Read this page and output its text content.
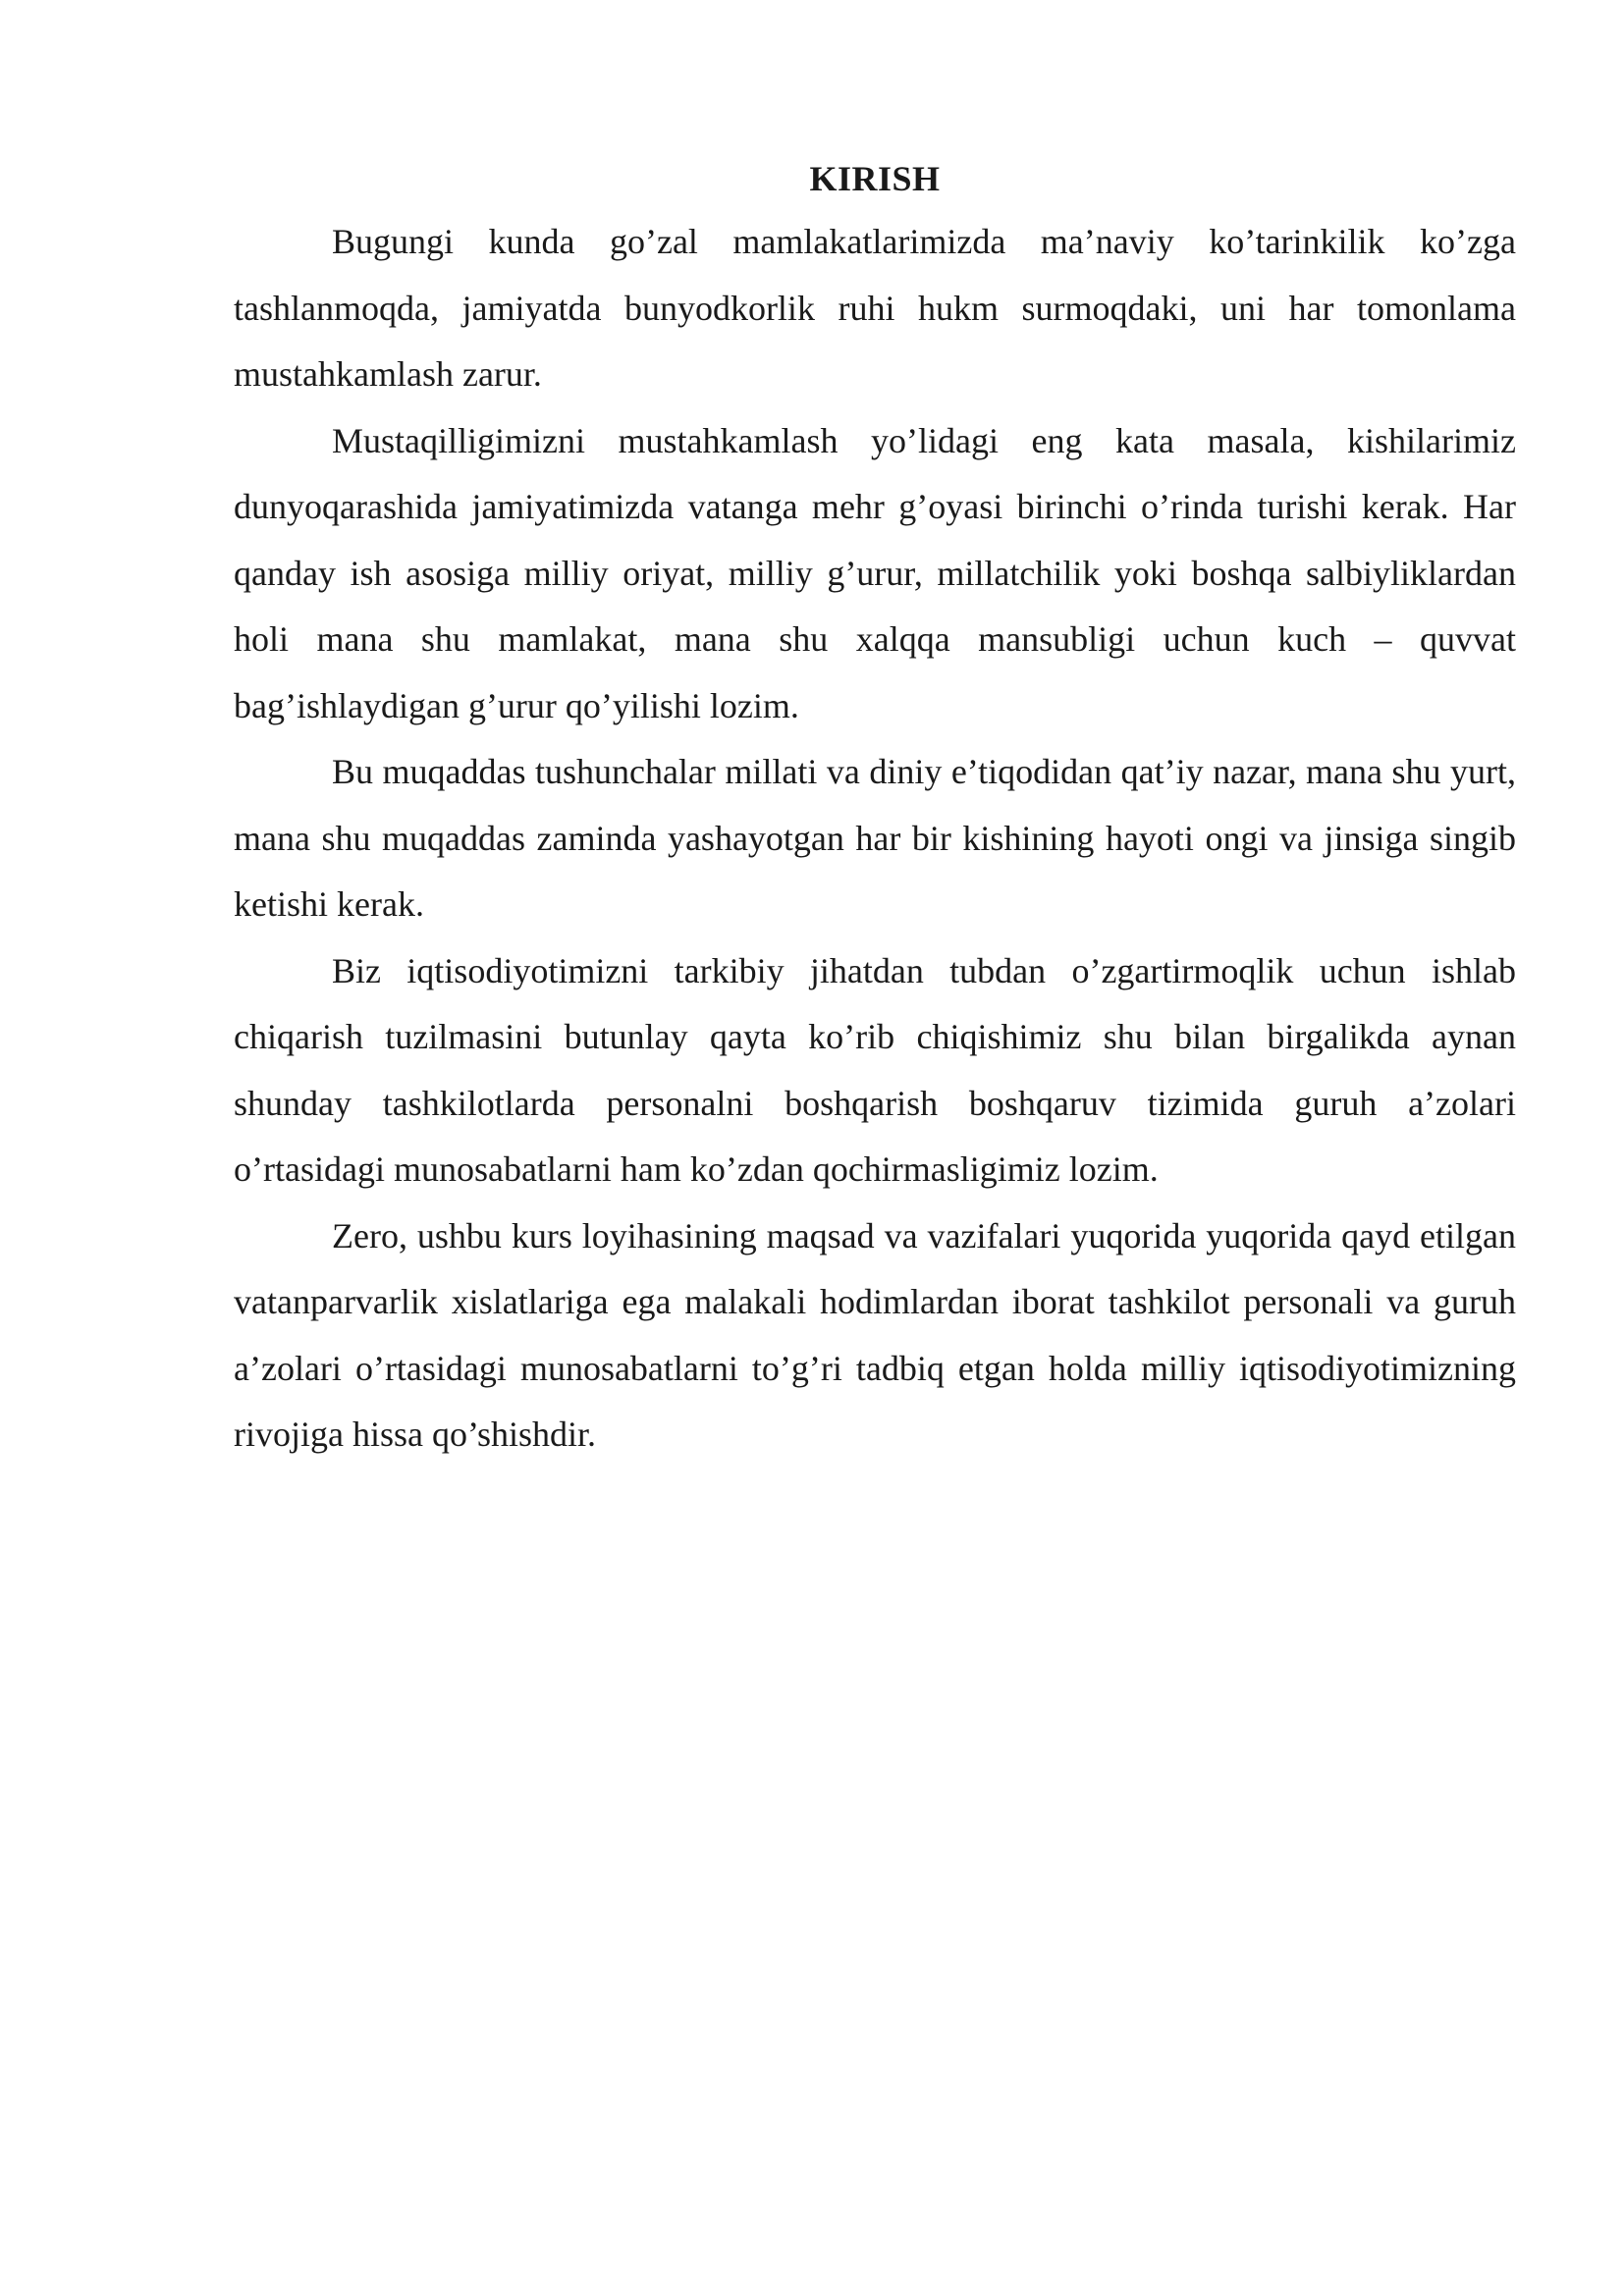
KIRISH

Bugungi kunda go’zal mamlakatlarimizda ma’naviy ko’tarinkilik ko’zga tashlanmoqda, jamiyatda bunyodkorlik ruhi hukm surmoqdaki, uni har tomonlama mustahkamlash zarur.

Mustaqilligimizni mustahkamlash yo’lidagi eng kata masala, kishilarimiz dunyoqarashida jamiyatimizda vatanga mehr g’oyasi birinchi o’rinda turishi kerak. Har qanday ish asosiga milliy oriyat, milliy g’urur, millatchilik yoki boshqa salbiyliklardan holi mana shu mamlakat, mana shu xalqqa mansubligi uchun kuch – quvvat bag’ishlaydigan g’urur qo’yilishi lozim.

Bu muqaddas tushunchalar millati va diniy e’tiqodidan qat’iy nazar, mana shu yurt, mana shu muqaddas zaminda yashayotgan har bir kishining hayoti ongi va jinsiga singib ketishi kerak.

Biz iqtisodiyotimizni tarkibiy jihatdan tubdan o’zgartirmoqlik uchun ishlab chiqarish tuzilmasini butunlay qayta ko’rib chiqishimiz shu bilan birgalikda aynan shunday tashkilotlarda personalni boshqarish boshqaruv tizimida guruh a’zolari o’rtasidagi munosabatlarni ham ko’zdan qochirmasligimiz lozim.

Zero, ushbu kurs loyihasining maqsad va vazifalari yuqorida yuqorida qayd etilgan vatanparvarlik xislatlariga ega malakali hodimlardan iborat tashkilot personali va guruh a’zolari o’rtasidagi munosabatlarni to’g’ri tadbiq etgan holda milliy iqtisodiyotimizning rivojiga hissa qo’shishdir.
